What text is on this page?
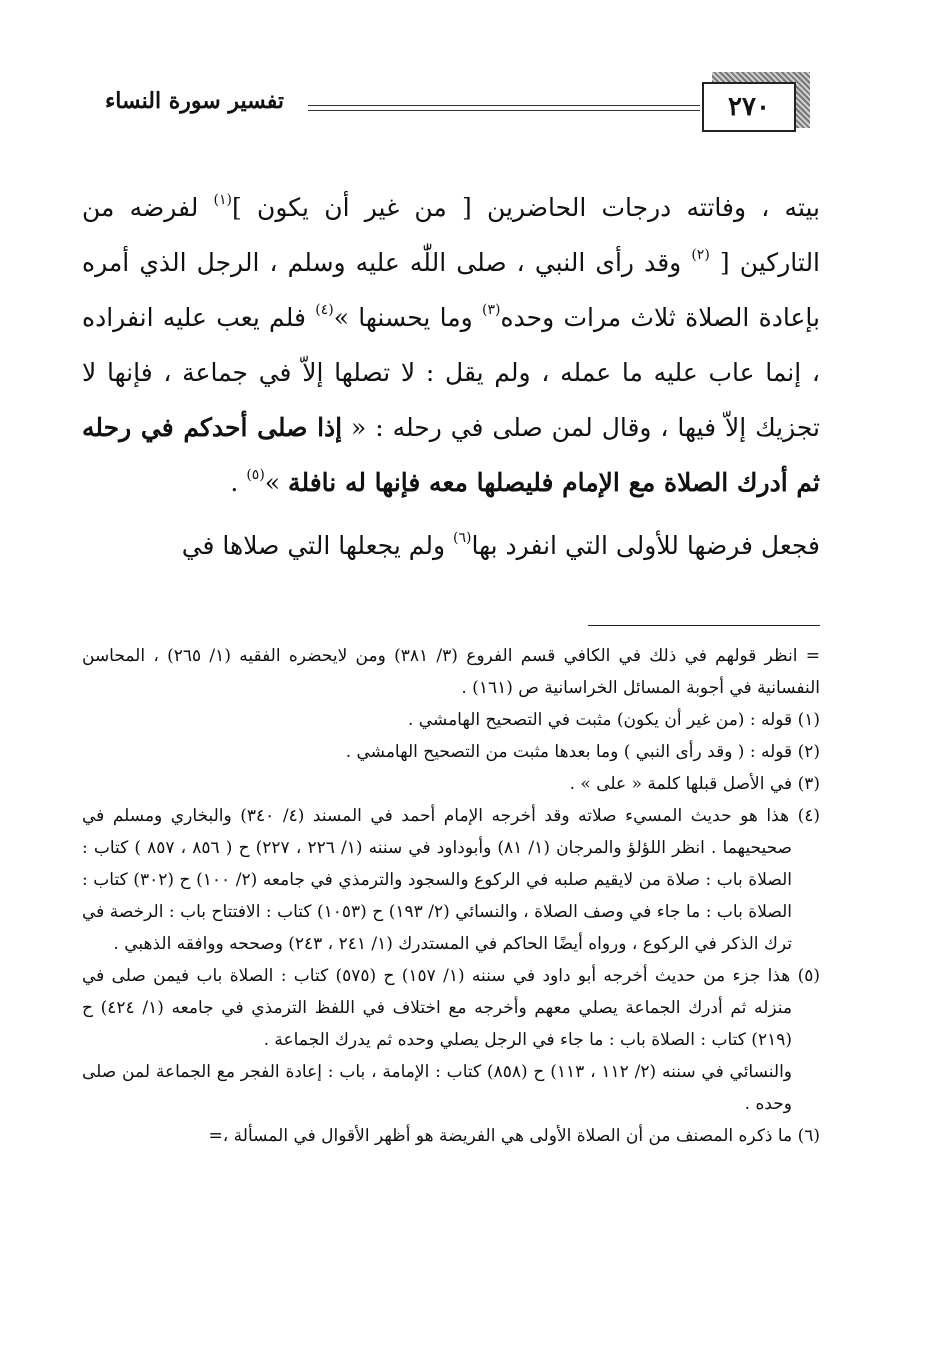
٢٧٠
تفسير سورة النساء

بيته ، وفاتته درجات الحاضرين [ من غير أن يكون ]$^{(١)}$ لفرضه من التاركين [ $^{(٢)}$ وقد رأى النبي ، صلى اللّٰه عليه وسلم ، الرجل الذي أمره بإعادة الصلاة ثلاث مرات وحده$^{(٣)}$ وما يحسنها »$^{(٤)}$ فلم يعب عليه انفراده ، إنما عاب عليه ما عمله ، ولم يقل : لا تصلها إلاّ في جماعة ، فإنها لا تجزيك إلاّ فيها ، وقال لمن صلى في رحله : « إذا صلى أحدكم في رحله ثم أدرك الصلاة مع الإمام فليصلها معه فإنها له نافلة »$^{(٥)}$ .

فجعل فرضها للأولى التي انفرد بها$^{(٦)}$ ولم يجعلها التي صلاها في

= انظر قولهم في ذلك في الكافي قسم الفروع (٣/ ٣٨١) ومن لايحضره الفقيه (١/ ٢٦٥) ، المحاسن النفسانية في أجوبة المسائل الخراسانية ص (١٦١) .

(١) قوله : (من غير أن يكون) مثبت في التصحيح الهامشي .

(٢) قوله : ( وقد رأى النبي ) وما بعدها مثبت من التصحيح الهامشي .

(٣) في الأصل قبلها كلمة « على » .

(٤) هذا هو حديث المسيء صلاته وقد أخرجه الإمام أحمد في المسند (٤/ ٣٤٠) والبخاري ومسلم في صحيحيهما . انظر اللؤلؤ والمرجان (١/ ٨١) وأبوداود في سننه (١/ ٢٢٦ ، ٢٢٧) ح ( ٨٥٦ ، ٨٥٧ ) كتاب : الصلاة باب : صلاة من لايقيم صلبه في الركوع والسجود والترمذي في جامعه (٢/ ١٠٠) ح (٣٠٢) كتاب : الصلاة باب : ما جاء في وصف الصلاة ، والنسائي (٢/ ١٩٣) ح (١٠٥٣) كتاب : الافتتاح باب : الرخصة في ترك الذكر في الركوع ، ورواه أيضًا الحاكم في المستدرك (١/ ٢٤١ ، ٢٤٣) وصححه ووافقه الذهبي .

(٥) هذا جزء من حديث أخرجه أبو داود في سننه (١/ ١٥٧) ح (٥٧٥) كتاب : الصلاة باب فيمن صلى في منزله ثم أدرك الجماعة يصلي معهم وأخرجه مع اختلاف في اللفظ الترمذي في جامعه (١/ ٤٢٤) ح (٢١٩) كتاب : الصلاة باب : ما جاء في الرجل يصلي وحده ثم يدرك الجماعة .

والنسائي في سننه (٢/ ١١٢ ، ١١٣) ح (٨٥٨) كتاب : الإمامة ، باب : إعادة الفجر مع الجماعة لمن صلى وحده .

(٦) ما ذكره المصنف من أن الصلاة الأولى هي الفريضة هو أظهر الأقوال في المسألة ،=
